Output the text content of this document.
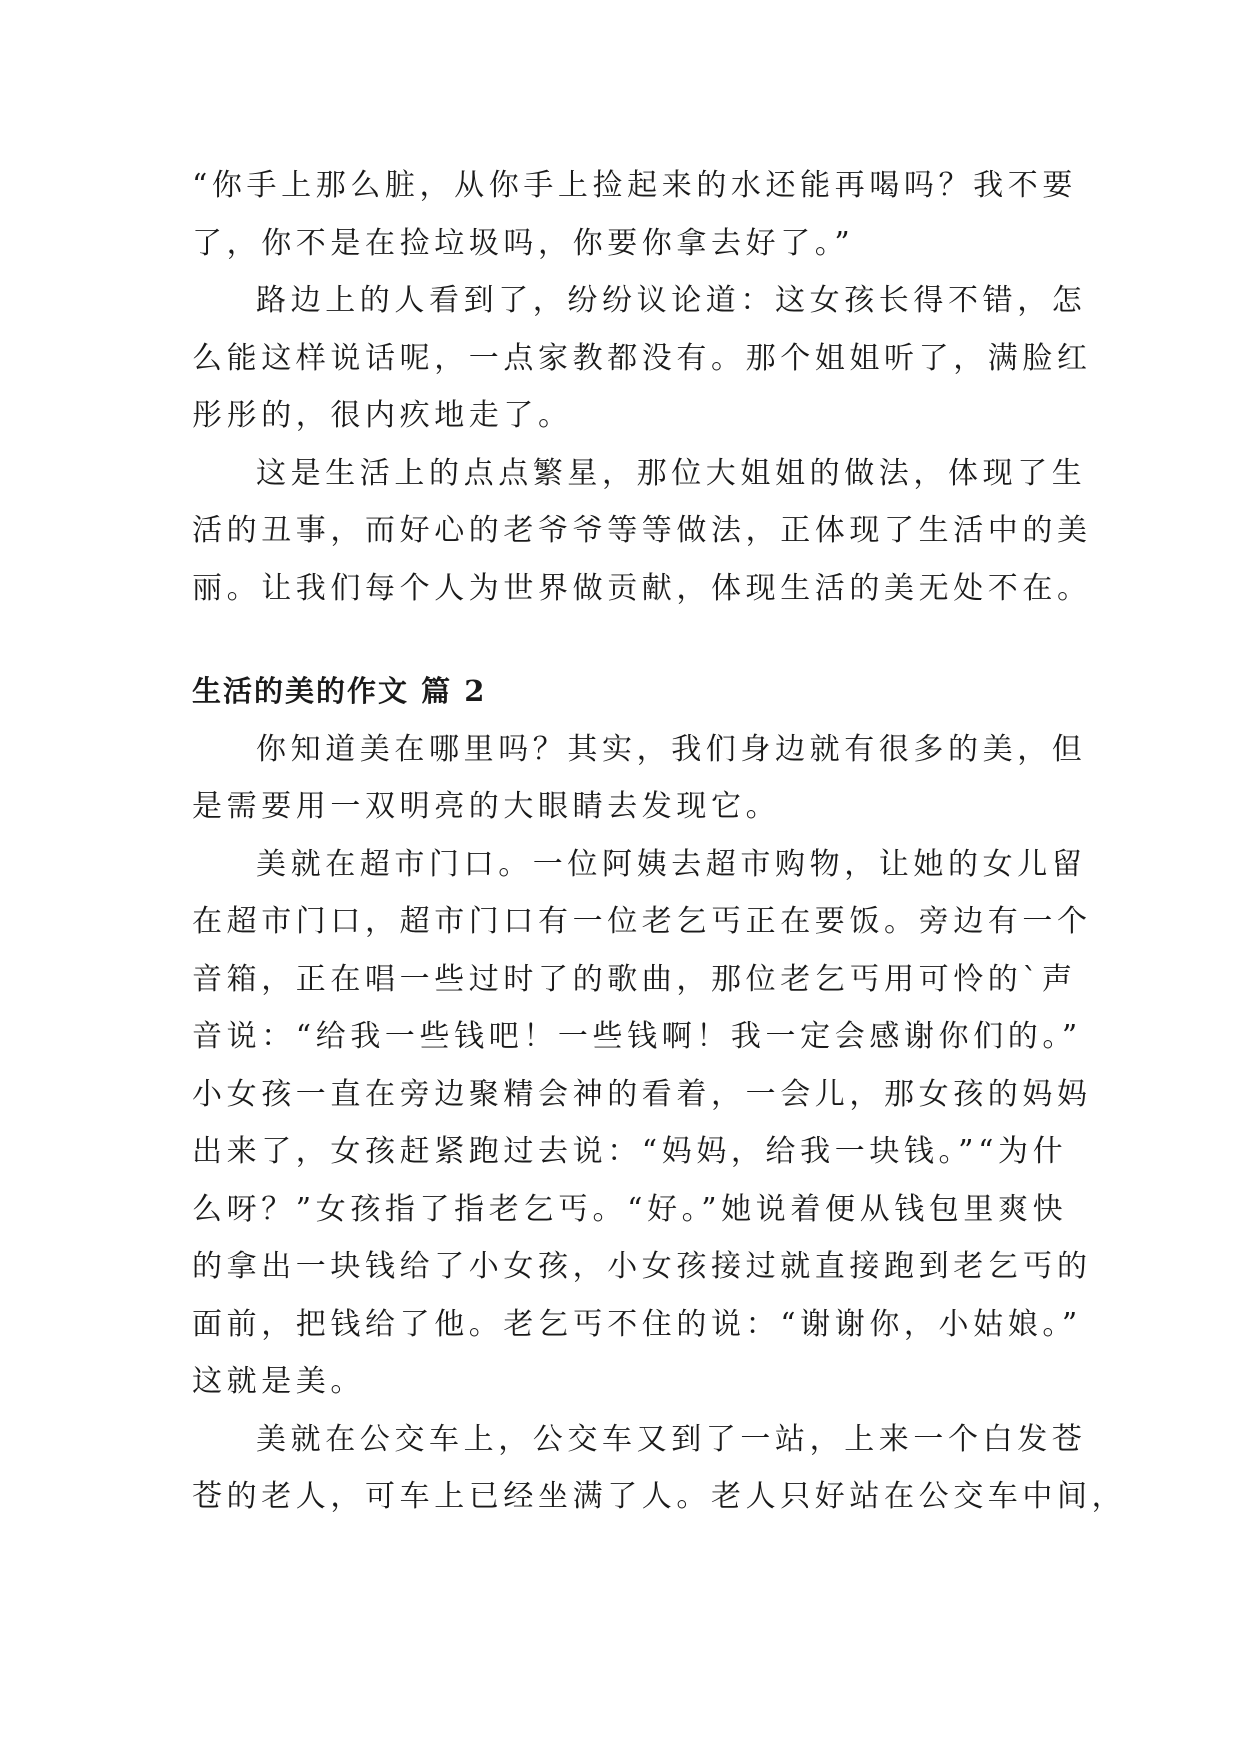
“你手上那么脏，从你手上捡起来的水还能再喝吗？我不要
了，你不是在捡垃圾吗，你要你拿去好了。”

路边上的人看到了，纷纷议论道：这女孩长得不错，怎
么能这样说话呢，一点家教都没有。那个姐姐听了，满脸红
彤彤的，很内疚地走了。

这是生活上的点点繁星，那位大姐姐的做法，体现了生
活的丑事，而好心的老爷爷等等做法，正体现了生活中的美
丽。让我们每个人为世界做贡献，体现生活的美无处不在。

生活的美的作文 篇 2

你知道美在哪里吗？其实，我们身边就有很多的美，但
是需要用一双明亮的大眼睛去发现它。

美就在超市门口。一位阿姨去超市购物，让她的女儿留
在超市门口，超市门口有一位老乞丐正在要饭。旁边有一个
音箱，正在唱一些过时了的歌曲，那位老乞丐用可怜的`声
音说：“给我一些钱吧！一些钱啊！我一定会感谢你们的。”
小女孩一直在旁边聚精会神的看着，一会儿，那女孩的妈妈
出来了，女孩赶紧跑过去说：“妈妈，给我一块钱。”“为什
么呀？”女孩指了指老乞丐。“好。”她说着便从钱包里爽快
的拿出一块钱给了小女孩，小女孩接过就直接跑到老乞丐的
面前，把钱给了他。老乞丐不住的说：“谢谢你，小姑娘。”
这就是美。

美就在公交车上，公交车又到了一站，上来一个白发苍
苍的老人，可车上已经坐满了人。老人只好站在公交车中间，
